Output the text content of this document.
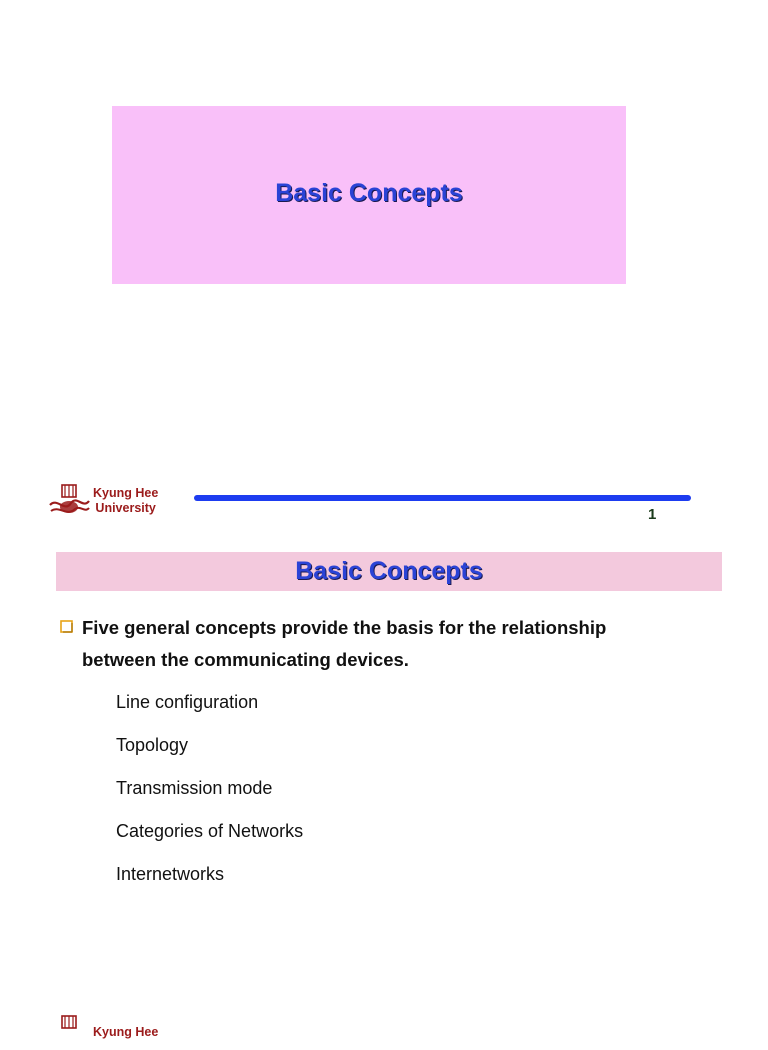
Basic Concepts
Kyung Hee
University	1
Basic Concepts
Five general concepts provide the basis for the relationship between the communicating devices.
Line configuration
Topology
Transmission mode
Categories of Networks
Internetworks
Kyung Hee
